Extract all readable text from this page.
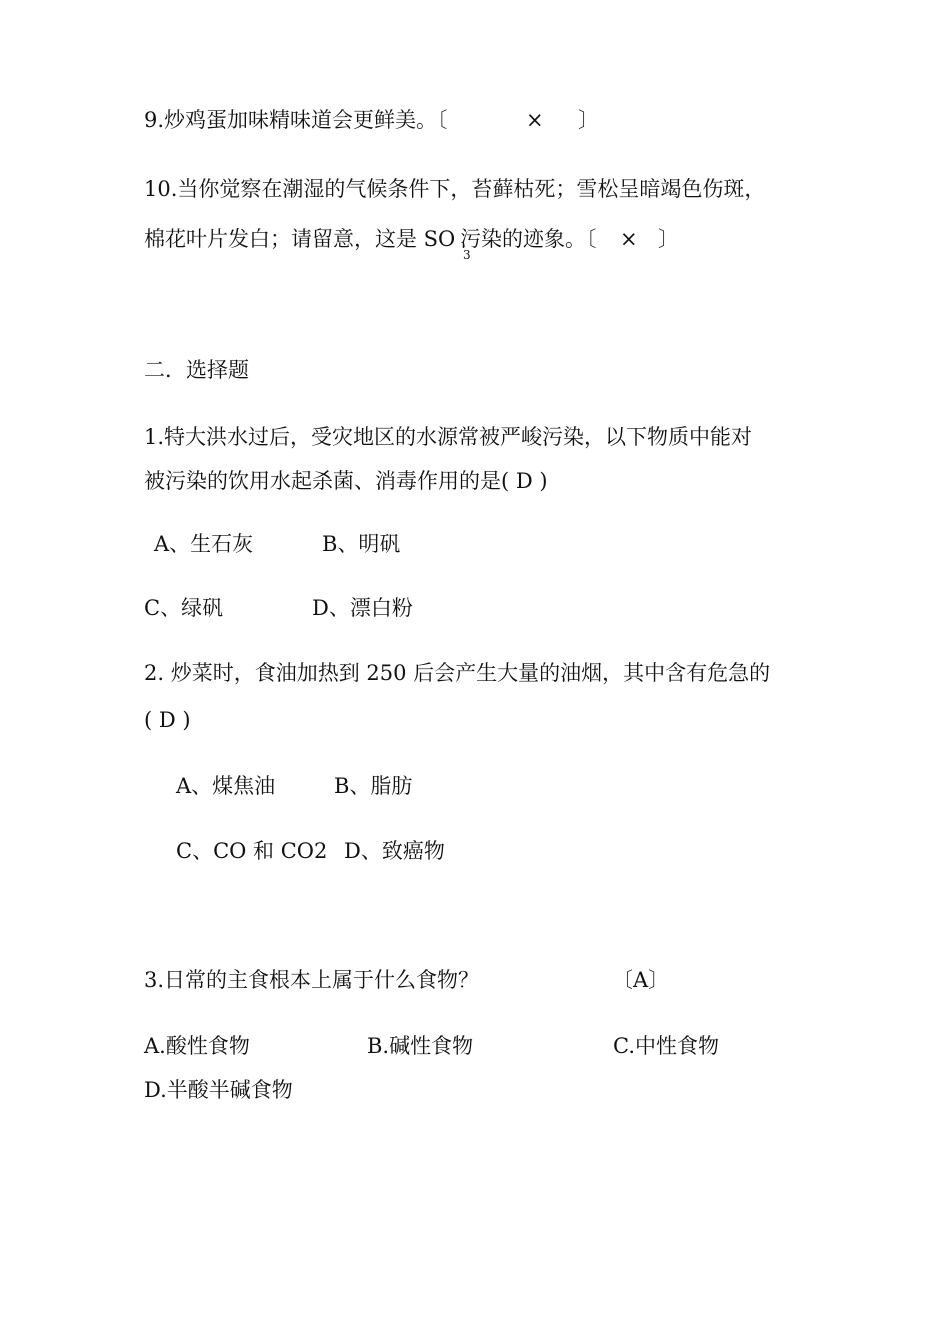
9.炒鸡蛋加味精味道会更鲜美。〔	× 〕
10.当你觉察在潮湿的气候条件下，苔藓枯死；雪松呈暗竭色伤斑，
棉花叶片发白；请留意，这是 SO
3
污染的迹象。〔 × 〕
二．选择题
1.特大洪水过后，受灾地区的水源常被严峻污染，以下物质中能对
被污染的饮用水起杀菌、消毒作用的是( D )
A、生石灰	B、明矾
C、绿矾	D、漂白粉
2. 炒菜时，食油加热到 250 后会产生大量的油烟，其中含有危急的
( D )
A、煤焦油	B、脂肪
C、CO 和 CO2 D、致癌物
3.日常的主食根本上属于什么食物？	〔A〕
A.酸性食物	B.碱性食物	C.中性食物
D.半酸半碱食物
